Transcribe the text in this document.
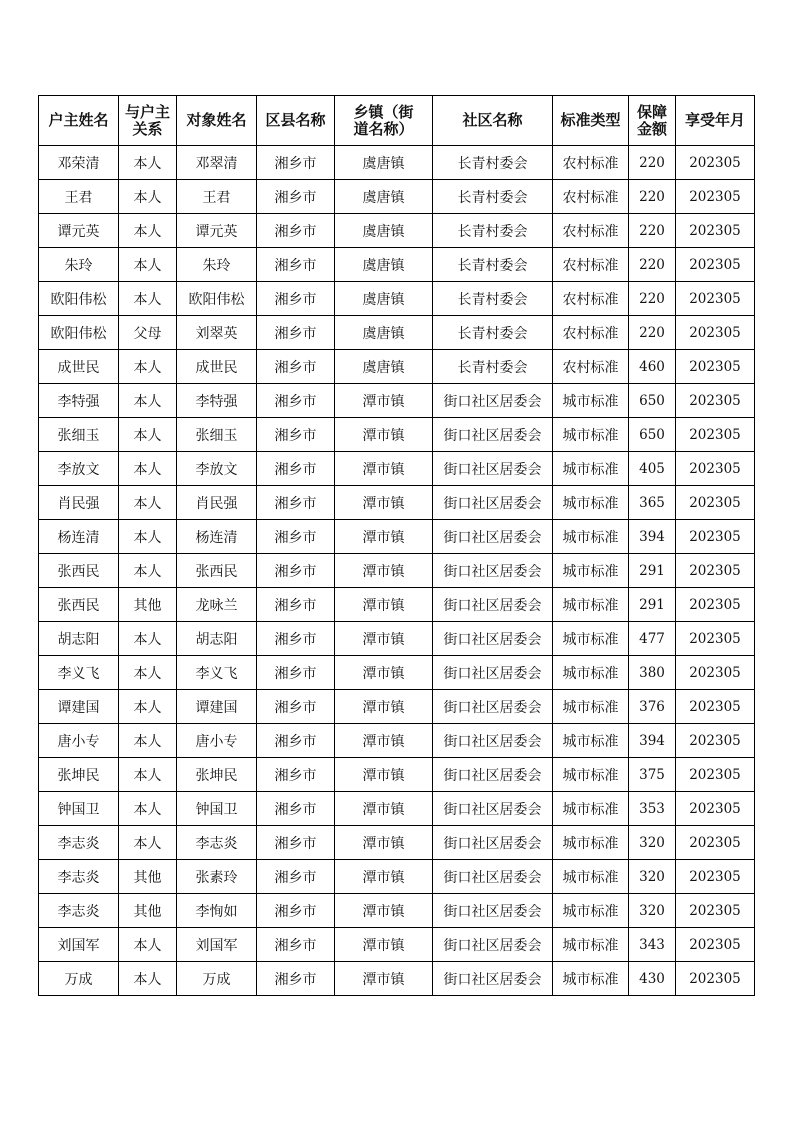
户主姓名	与户主关系	对象姓名	区县名称	乡镇（街道名称）	社区名称	标准类型	保障金额	享受年月
邓荣清	本人	邓翠清	湘乡市	虞唐镇	长青村委会	农村标准	220	202305
王君	本人	王君	湘乡市	虞唐镇	长青村委会	农村标准	220	202305
谭元英	本人	谭元英	湘乡市	虞唐镇	长青村委会	农村标准	220	202305
朱玲	本人	朱玲	湘乡市	虞唐镇	长青村委会	农村标准	220	202305
欧阳伟松	本人	欧阳伟松	湘乡市	虞唐镇	长青村委会	农村标准	220	202305
欧阳伟松	父母	刘翠英	湘乡市	虞唐镇	长青村委会	农村标准	220	202305
成世民	本人	成世民	湘乡市	虞唐镇	长青村委会	农村标准	460	202305
李特强	本人	李特强	湘乡市	潭市镇	街口社区居委会	城市标准	650	202305
张细玉	本人	张细玉	湘乡市	潭市镇	街口社区居委会	城市标准	650	202305
李放文	本人	李放文	湘乡市	潭市镇	街口社区居委会	城市标准	405	202305
肖民强	本人	肖民强	湘乡市	潭市镇	街口社区居委会	城市标准	365	202305
杨连清	本人	杨连清	湘乡市	潭市镇	街口社区居委会	城市标准	394	202305
张西民	本人	张西民	湘乡市	潭市镇	街口社区居委会	城市标准	291	202305
张西民	其他	龙咏兰	湘乡市	潭市镇	街口社区居委会	城市标准	291	202305
胡志阳	本人	胡志阳	湘乡市	潭市镇	街口社区居委会	城市标准	477	202305
李义飞	本人	李义飞	湘乡市	潭市镇	街口社区居委会	城市标准	380	202305
谭建国	本人	谭建国	湘乡市	潭市镇	街口社区居委会	城市标准	376	202305
唐小专	本人	唐小专	湘乡市	潭市镇	街口社区居委会	城市标准	394	202305
张坤民	本人	张坤民	湘乡市	潭市镇	街口社区居委会	城市标准	375	202305
钟国卫	本人	钟国卫	湘乡市	潭市镇	街口社区居委会	城市标准	353	202305
李志炎	本人	李志炎	湘乡市	潭市镇	街口社区居委会	城市标准	320	202305
李志炎	其他	张素玲	湘乡市	潭市镇	街口社区居委会	城市标准	320	202305
李志炎	其他	李恂如	湘乡市	潭市镇	街口社区居委会	城市标准	320	202305
刘国军	本人	刘国军	湘乡市	潭市镇	街口社区居委会	城市标准	343	202305
万成	本人	万成	湘乡市	潭市镇	街口社区居委会	城市标准	430	202305
